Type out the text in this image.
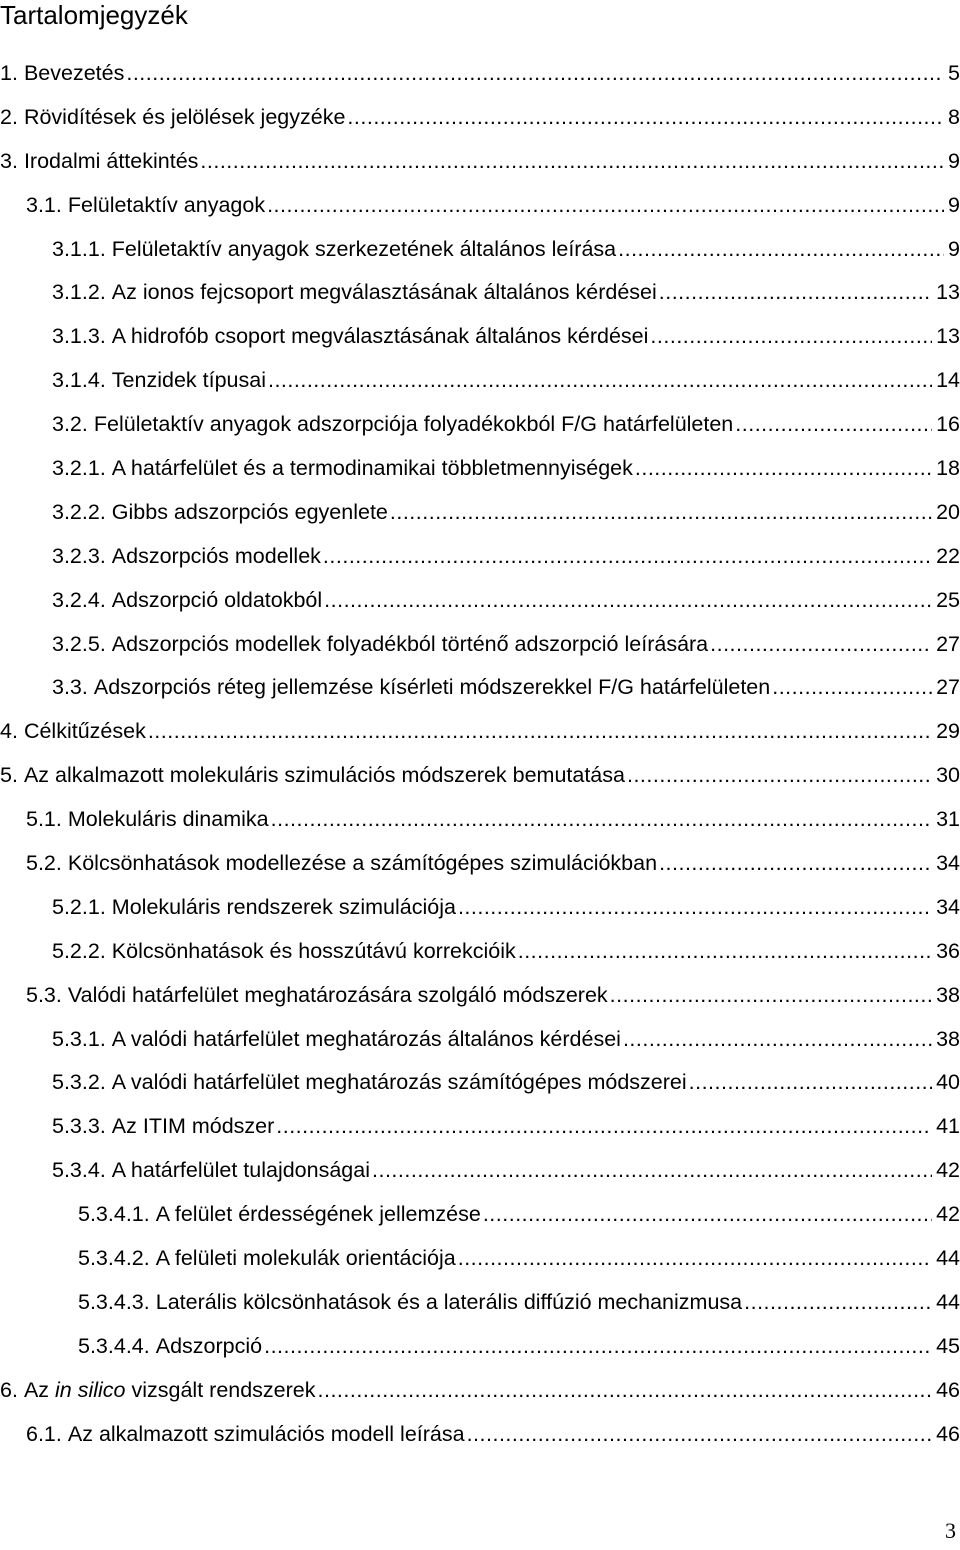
Tartalomjegyzék
1. Bevezetés .....	5
2. Rövidítések és jelölések jegyzéke .....	8
3. Irodalmi áttekintés .....	9
3.1. Felületaktív anyagok .....	9
3.1.1. Felületaktív anyagok szerkezetének általános leírása .....	9
3.1.2. Az ionos fejcsoport megválasztásának általános kérdései .....	13
3.1.3. A hidrofób csoport megválasztásának általános kérdései .....	13
3.1.4. Tenzidek típusai .....	14
3.2. Felületaktív anyagok adszorpciója folyadékokból F/G határfelületen .....	16
3.2.1. A határfelület és a termodinamikai többletmennyiségek .....	18
3.2.2. Gibbs adszorpciós egyenlete .....	20
3.2.3. Adszorpciós modellek .....	22
3.2.4. Adszorpció oldatokból .....	25
3.2.5. Adszorpciós modellek folyadékból történő adszorpció leírására .....	27
3.3. Adszorpciós réteg jellemzése kísérleti módszerekkel F/G határfelületen .....	27
4. Célkitűzések .....	29
5. Az alkalmazott molekuláris szimulációs módszerek bemutatása .....	30
5.1. Molekuláris dinamika .....	31
5.2. Kölcsönhatások modellezése a számítógépes szimulációkban .....	34
5.2.1. Molekuláris rendszerek szimulációja .....	34
5.2.2. Kölcsönhatások és hosszútávú korrekcióik .....	36
5.3. Valódi határfelület meghatározására szolgáló módszerek .....	38
5.3.1. A valódi határfelület meghatározás általános kérdései .....	38
5.3.2. A valódi határfelület meghatározás számítógépes módszerei .....	40
5.3.3. Az ITIM módszer .....	41
5.3.4. A határfelület tulajdonságai .....	42
5.3.4.1. A felület érdességének jellemzése .....	42
5.3.4.2. A felületi molekulák orientációja .....	44
5.3.4.3. Laterális kölcsönhatások és a laterális diffúzió mechanizmusa .....	44
5.3.4.4. Adszorpció .....	45
6. Az in silico vizsgált rendszerek .....	46
6.1. Az alkalmazott szimulációs modell leírása .....	46
3
